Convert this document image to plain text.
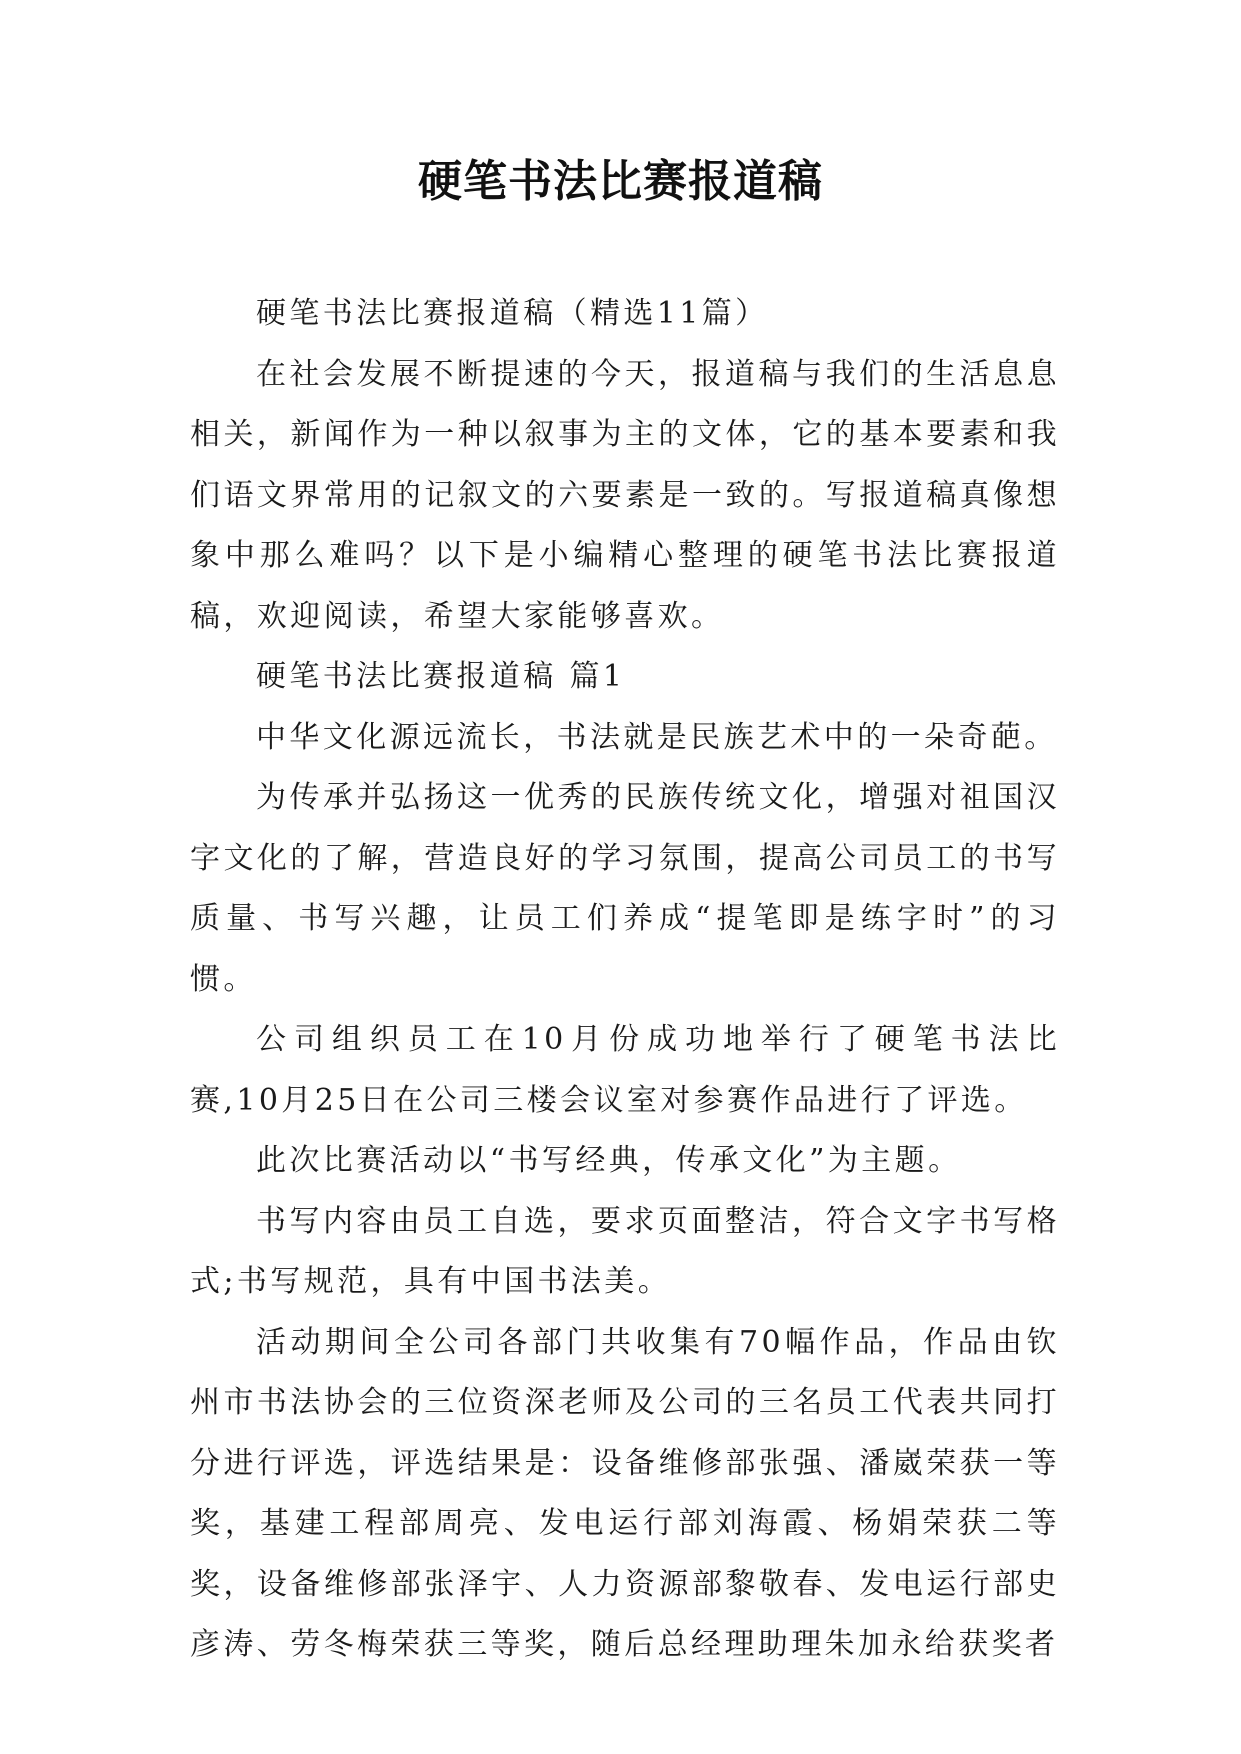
硬笔书法比赛报道稿

硬笔书法比赛报道稿（精选11篇）

在社会发展不断提速的今天，报道稿与我们的生活息息相关，新闻作为一种以叙事为主的文体，它的基本要素和我们语文界常用的记叙文的六要素是一致的。写报道稿真像想象中那么难吗？以下是小编精心整理的硬笔书法比赛报道稿，欢迎阅读，希望大家能够喜欢。

硬笔书法比赛报道稿 篇1

中华文化源远流长，书法就是民族艺术中的一朵奇葩。

为传承并弘扬这一优秀的民族传统文化，增强对祖国汉字文化的了解，营造良好的学习氛围，提高公司员工的书写质量、书写兴趣，让员工们养成“提笔即是练字时”的习惯。

公司组织员工在10月份成功地举行了硬笔书法比赛,10月25日在公司三楼会议室对参赛作品进行了评选。

此次比赛活动以“书写经典，传承文化”为主题。

书写内容由员工自选，要求页面整洁，符合文字书写格式;书写规范，具有中国书法美。

活动期间全公司各部门共收集有70幅作品，作品由钦州市书法协会的三位资深老师及公司的三名员工代表共同打分进行评选，评选结果是：设备维修部张强、潘崴荣获一等奖，基建工程部周亮、发电运行部刘海霞、杨娟荣获二等奖，设备维修部张泽宇、人力资源部黎敬春、发电运行部史彦涛、劳冬梅荣获三等奖，随后总经理助理朱加永给获奖者
